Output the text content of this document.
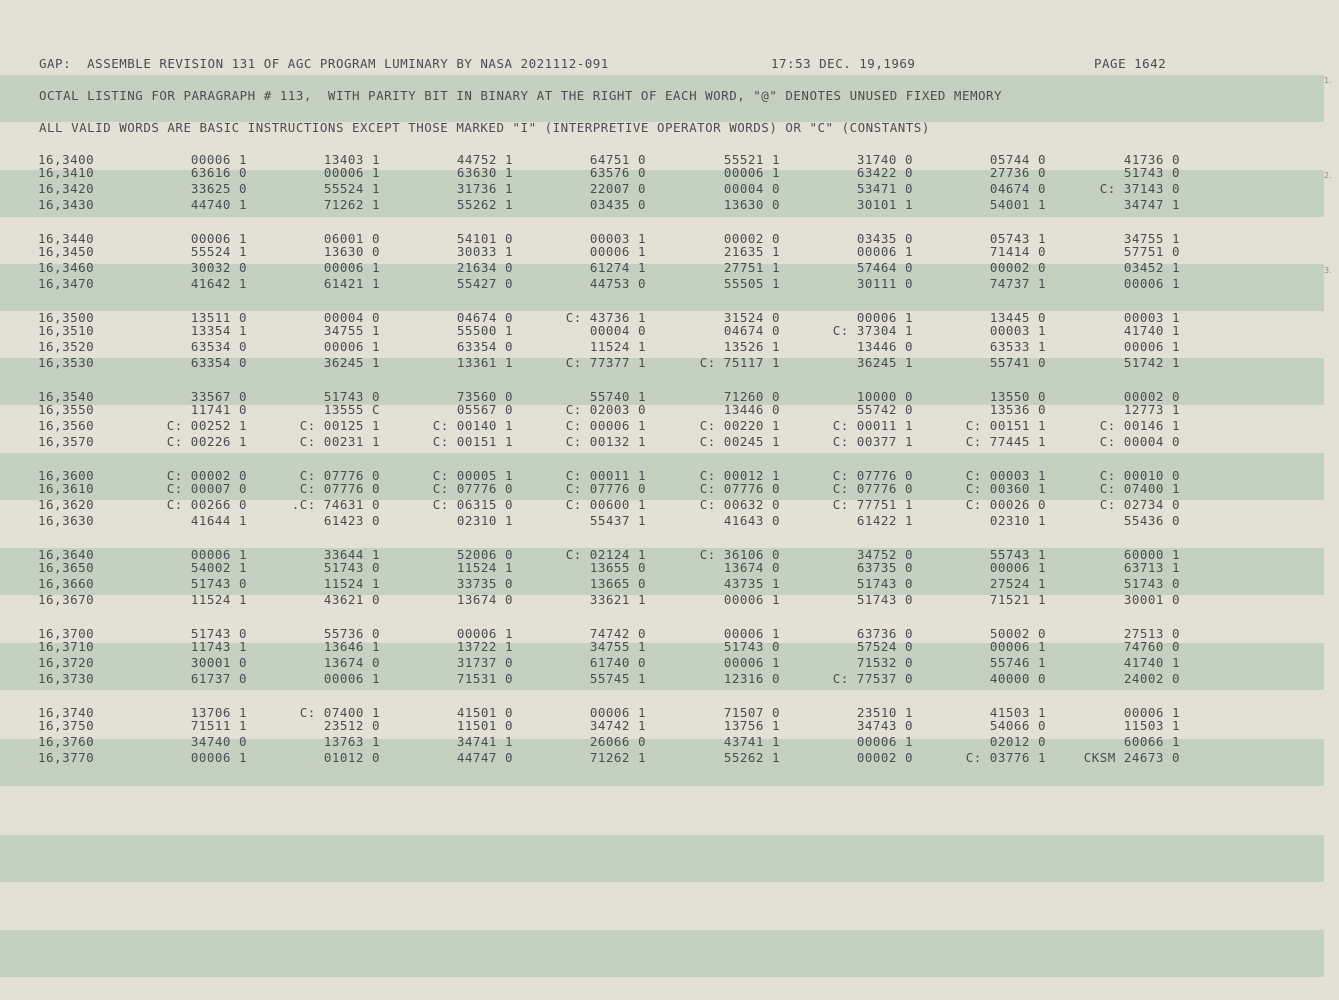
1.
2.
3.
GAP:  ASSEMBLE REVISION 131 OF AGC PROGRAM LUMINARY BY NASA 2021112-091	17:53 DEC. 19,1969	PAGE 1642
OCTAL LISTING FOR PARAGRAPH # 113,  WITH PARITY BIT IN BINARY AT THE RIGHT OF EACH WORD, "@" DENOTES UNUSED FIXED MEMORY
ALL VALID WORDS ARE BASIC INSTRUCTIONS EXCEPT THOSE MARKED "I" (INTERPRETIVE OPERATOR WORDS) OR "C" (CONSTANTS)
16,3400	00006 1	13403 1	44752 1	64751 0	55521 1	31740 0	05744 0	41736 0
16,3410	63616 0	00006 1	63630 1	63576 0	00006 1	63422 0	27736 0	51743 0
16,3420	33625 0	55524 1	31736 1	22007 0	00004 0	53471 0	04674 0	C: 37143 0
16,3430	44740 1	71262 1	55262 1	03435 0	13630 0	30101 1	54001 1	34747 1
16,3440	00006 1	06001 0	54101 0	00003 1	00002 0	03435 0	05743 1	34755 1
16,3450	55524 1	13630 0	30033 1	00006 1	21635 1	00006 1	71414 0	57751 0
16,3460	30032 0	00006 1	21634 0	61274 1	27751 1	57464 0	00002 0	03452 1
16,3470	41642 1	61421 1	55427 0	44753 0	55505 1	30111 0	74737 1	00006 1
16,3500	13511 0	00004 0	04674 0	C: 43736 1	31524 0	00006 1	13445 0	00003 1
16,3510	13354 1	34755 1	55500 1	00004 0	04674 0	C: 37304 1	00003 1	41740 1
16,3520	63534 0	00006 1	63354 0	11524 1	13526 1	13446 0	63533 1	00006 1
16,3530	63354 0	36245 1	13361 1	C: 77377 1	C: 75117 1	36245 1	55741 0	51742 1
16,3540	33567 0	51743 0	73560 0	55740 1	71260 0	10000 0	13550 0	00002 0
16,3550	11741 0	13555 C	05567 0	C: 02003 0	13446 0	55742 0	13536 0	12773 1
16,3560	C: 00252 1	C: 00125 1	C: 00140 1	C: 00006 1	C: 00220 1	C: 00011 1	C: 00151 1	C: 00146 1
16,3570	C: 00226 1	C: 00231 1	C: 00151 1	C: 00132 1	C: 00245 1	C: 00377 1	C: 77445 1	C: 00004 0
16,3600	C: 00002 0	C: 07776 0	C: 00005 1	C: 00011 1	C: 00012 1	C: 07776 0	C: 00003 1	C: 00010 0
16,3610	C: 00007 0	C: 07776 0	C: 07776 0	C: 07776 0	C: 07776 0	C: 07776 0	C: 00360 1	C: 07400 1
16,3620	C: 00266 0	.C: 74631 0	C: 06315 0	C: 00600 1	C: 00632 0	C: 77751 1	C: 00026 0	C: 02734 0
16,3630	41644 1	61423 0	02310 1	55437 1	41643 0	61422 1	02310 1	55436 0
16,3640	00006 1	33644 1	52006 0	C: 02124 1	C: 36106 0	34752 0	55743 1	60000 1
16,3650	54002 1	51743 0	11524 1	13655 0	13674 0	63735 0	00006 1	63713 1
16,3660	51743 0	11524 1	33735 0	13665 0	43735 1	51743 0	27524 1	51743 0
16,3670	11524 1	43621 0	13674 0	33621 1	00006 1	51743 0	71521 1	30001 0
16,3700	51743 0	55736 0	00006 1	74742 0	00006 1	63736 0	50002 0	27513 0
16,3710	11743 1	13646 1	13722 1	34755 1	51743 0	57524 0	00006 1	74760 0
16,3720	30001 0	13674 0	31737 0	61740 0	00006 1	71532 0	55746 1	41740 1
16,3730	61737 0	00006 1	71531 0	55745 1	12316 0	C: 77537 0	40000 0	24002 0
16,3740	13706 1	C: 07400 1	41501 0	00006 1	71507 0	23510 1	41503 1	00006 1
16,3750	71511 1	23512 0	11501 0	34742 1	13756 1	34743 0	54066 0	11503 1
16,3760	34740 0	13763 1	34741 1	26066 0	43741 1	00006 1	02012 0	60066 1
16,3770	00006 1	01012 0	44747 0	71262 1	55262 1	00002 0	C: 03776 1	CKSM 24673 0
